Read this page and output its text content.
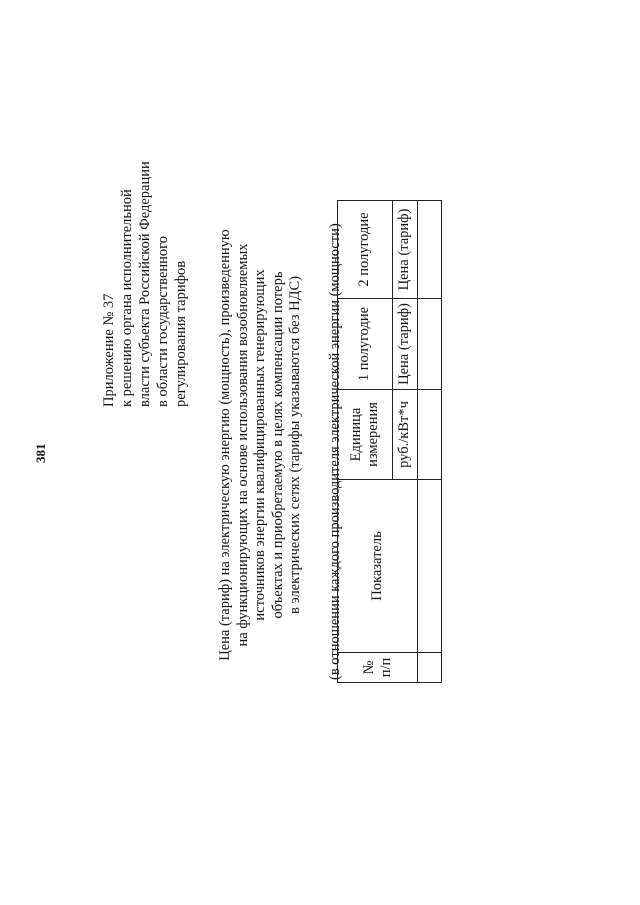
381
Приложение № 37 к решению органа исполнительной власти субъекта Российской Федерации в области государственного регулирования тарифов Цена (тариф) на электрическую энергию (мощность), произведенную на функционирующих на основе использования возобновляемых источников энергии квалифицированных генерирующих объектах и приобретаемую в целях компенсации потерь в электрических сетях (тарифы указываются без НДС) (в отношении каждого производителя электрической энергии (мощности) № п/п	Показатель	Единица измерения	1 полугодие	2 полугодие
		руб./кВт*ч	Цена (тариф)	Цена (тариф)
